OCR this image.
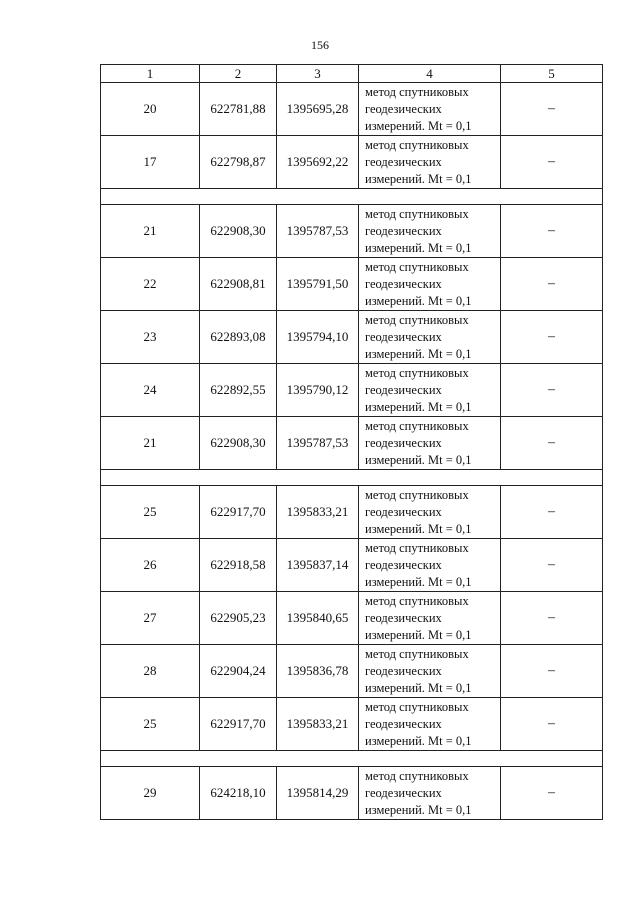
156
1	2	3	4	5
20	622781,88	1395695,28	метод спутниковых
геодезических
измерений. Mt = 0,1	–
17	622798,87	1395692,22	метод спутниковых
геодезических
измерений. Mt = 0,1	–

21	622908,30	1395787,53	метод спутниковых
геодезических
измерений. Mt = 0,1	–
22	622908,81	1395791,50	метод спутниковых
геодезических
измерений. Mt = 0,1	–
23	622893,08	1395794,10	метод спутниковых
геодезических
измерений. Mt = 0,1	–
24	622892,55	1395790,12	метод спутниковых
геодезических
измерений. Mt = 0,1	–
21	622908,30	1395787,53	метод спутниковых
геодезических
измерений. Mt = 0,1	–

25	622917,70	1395833,21	метод спутниковых
геодезических
измерений. Mt = 0,1	–
26	622918,58	1395837,14	метод спутниковых
геодезических
измерений. Mt = 0,1	–
27	622905,23	1395840,65	метод спутниковых
геодезических
измерений. Mt = 0,1	–
28	622904,24	1395836,78	метод спутниковых
геодезических
измерений. Mt = 0,1	–
25	622917,70	1395833,21	метод спутниковых
геодезических
измерений. Mt = 0,1	–

29	624218,10	1395814,29	метод спутниковых
геодезических
измерений. Mt = 0,1	–
